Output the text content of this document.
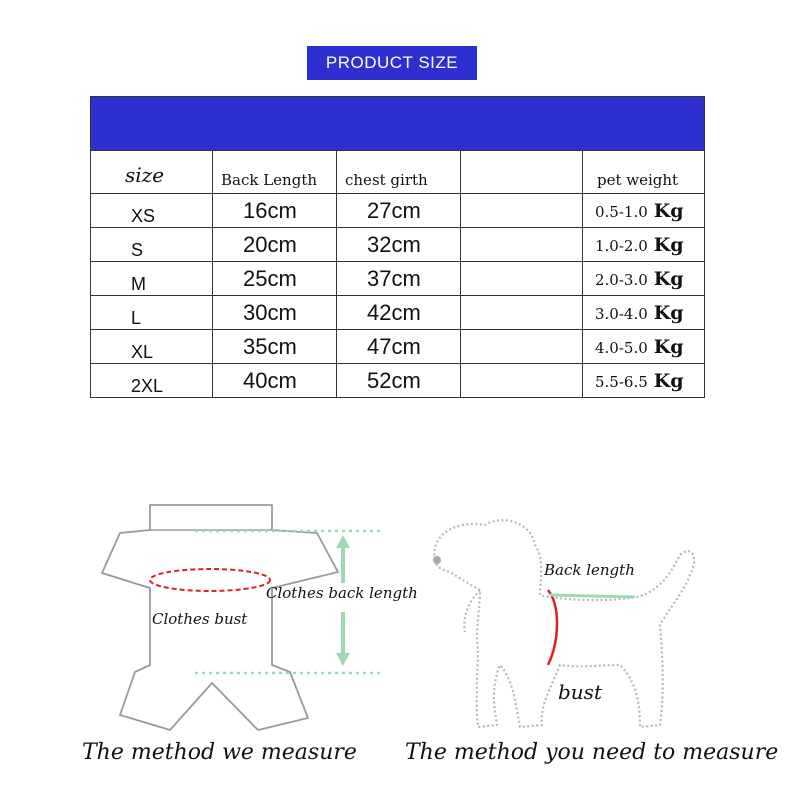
PRODUCT SIZE

size	Back Length	chest girth		pet weight
XS	16cm	27cm		0.5-1.0 Kg
S	20cm	32cm		1.0-2.0 Kg
M	25cm	37cm		2.0-3.0 Kg
L	30cm	42cm		3.0-4.0 Kg
XL	35cm	47cm		4.0-5.0 Kg
2XL	40cm	52cm		5.5-6.5 Kg
Clothes back length
Clothes bust
Back length
bust
The method we measure The method you need to measure
